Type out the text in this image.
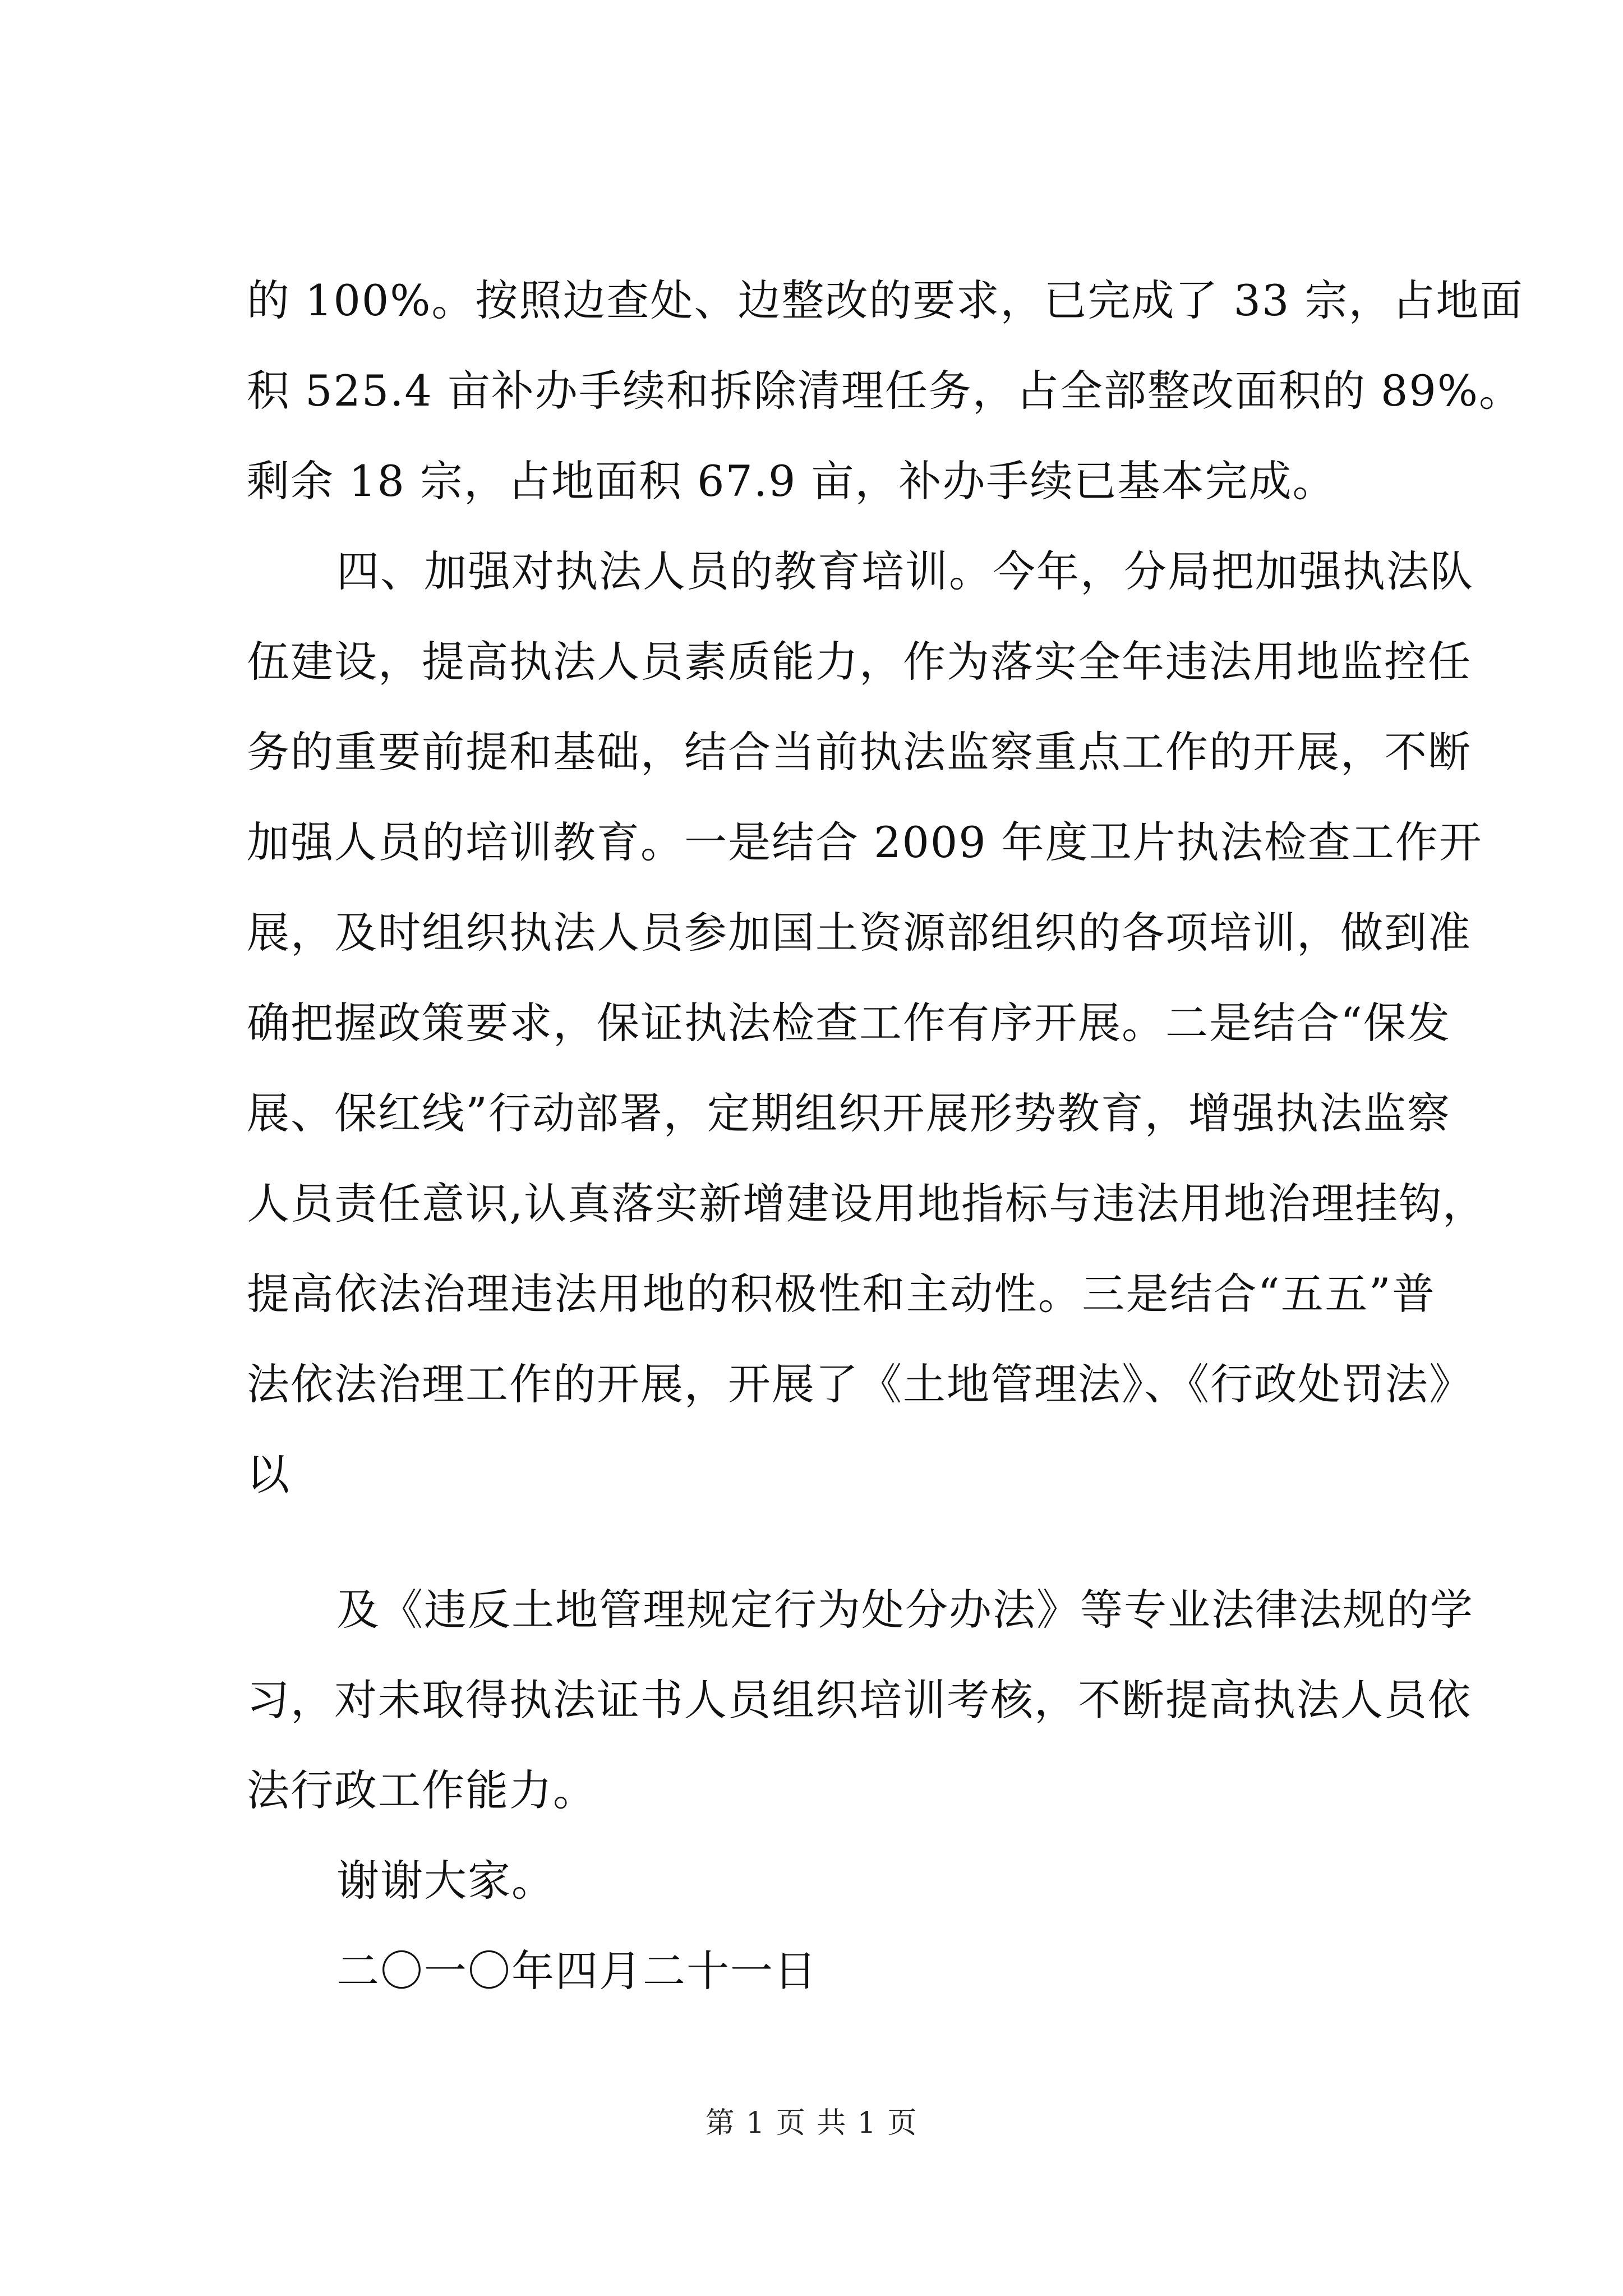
的 100%。按照边查处、边整改的要求，已完成了 33 宗，占地面
积 525.4 亩补办手续和拆除清理任务，占全部整改面积的 89%。
剩余 18 宗，占地面积 67.9 亩，补办手续已基本完成。
四、加强对执法人员的教育培训。今年，分局把加强执法队
伍建设，提高执法人员素质能力，作为落实全年违法用地监控任
务的重要前提和基础，结合当前执法监察重点工作的开展，不断
加强人员的培训教育。一是结合 2009 年度卫片执法检查工作开
展，及时组织执法人员参加国土资源部组织的各项培训，做到准
确把握政策要求，保证执法检查工作有序开展。二是结合“保发
展、保红线”行动部署，定期组织开展形势教育，增强执法监察
人员责任意识,认真落实新增建设用地指标与违法用地治理挂钩，
提高依法治理违法用地的积极性和主动性。三是结合“五五”普
法依法治理工作的开展，开展了《土地管理法》、《行政处罚法》
以
及《违反土地管理规定行为处分办法》等专业法律法规的学
习，对未取得执法证书人员组织培训考核，不断提高执法人员依
法行政工作能力。
谢谢大家。
二〇一〇年四月二十一日
第 1 页 共 1 页
